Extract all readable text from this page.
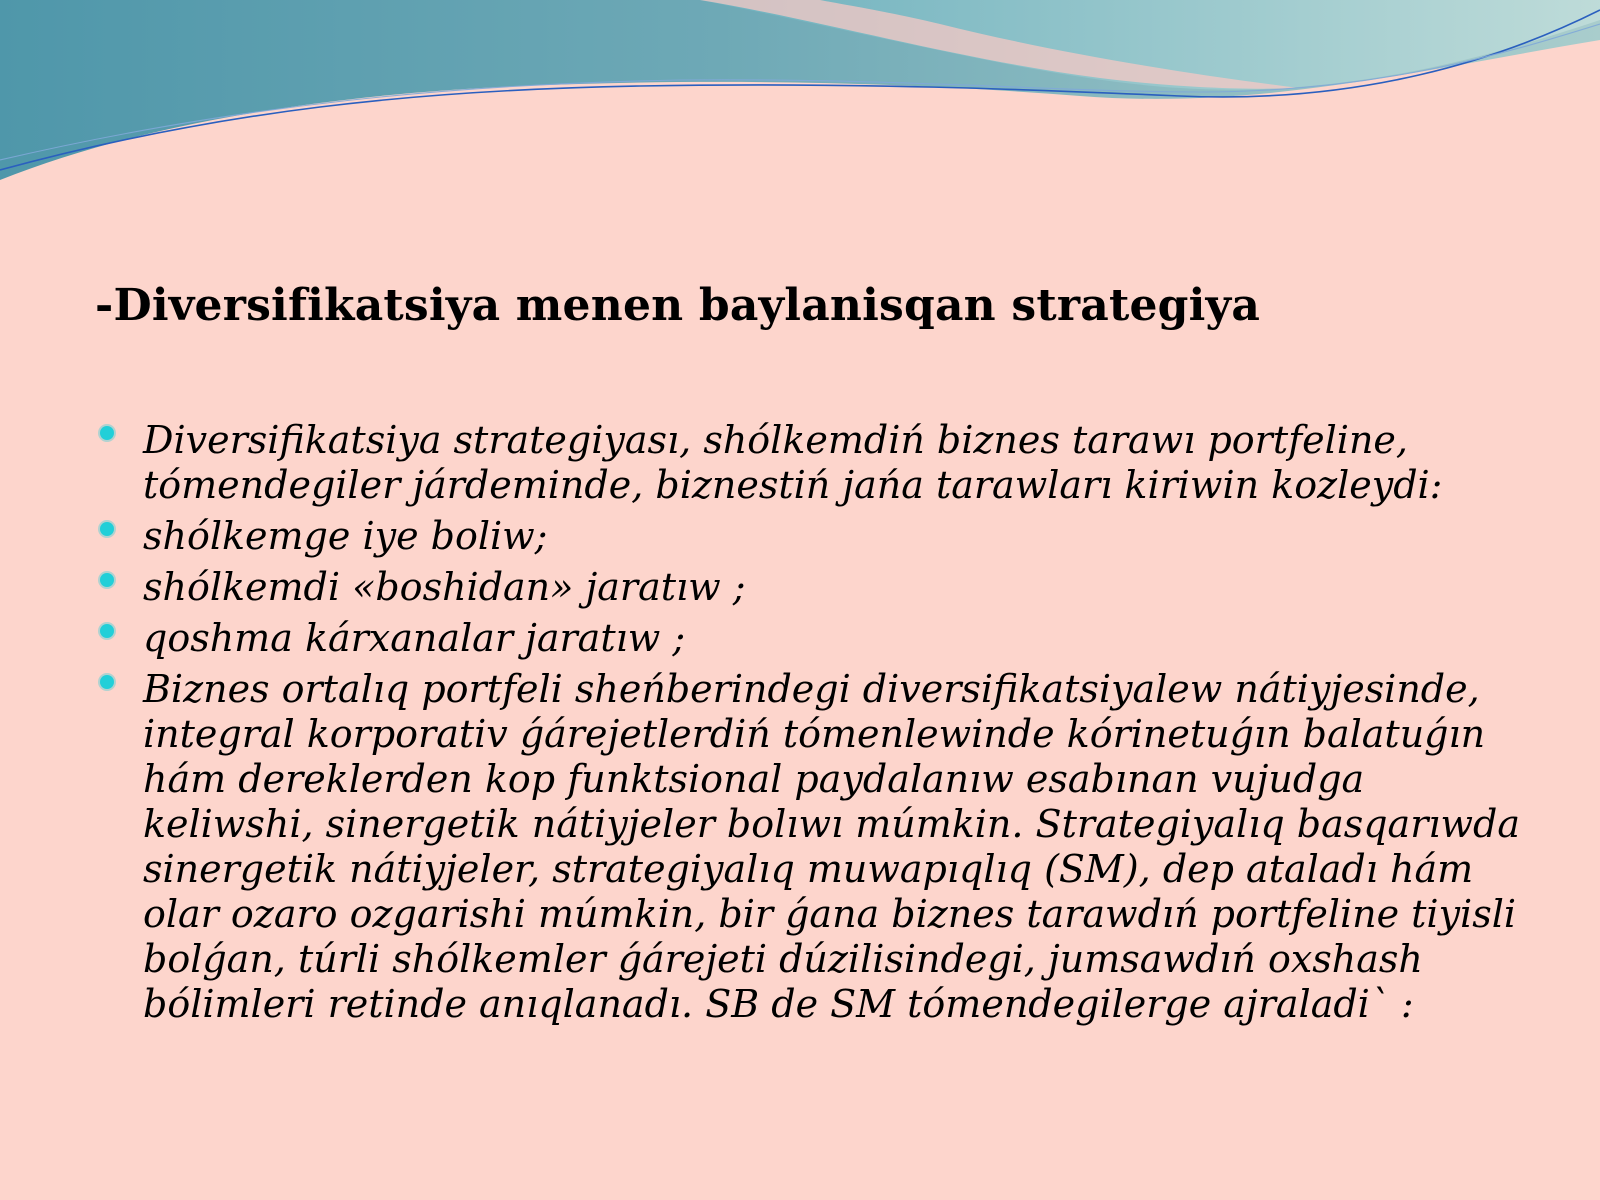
-Diversifikatsiya menen baylanisqan strategiya
Diversifikatsiya strategiyası, shólkemdiń biznes tarawı portfeline, tómendegiler járdeminde, biznestiń jańa tarawları kiriwin kozleydi:
shólkemge iye boliw;
shólkemdi «boshidan» jaratıw ;
qoshma kárxanalar jaratıw ;
Biznes ortalıq portfeli sheńberindegi diversifikatsiyalew nátiyjesinde, integral korporativ ǵárejetlerdiń tómenlewinde kórinetuǵın balatuǵın hám dereklerden kop funktsional paydalanıw esabınan vujudga keliwshi, sinergetik nátiyjeler bolıwı múmkin. Strategiyalıq basqarıwda sinergetik nátiyjeler, strategiyalıq muwapıqlıq (SM), dep ataladı hám olar ozaro ozgarishi múmkin, bir ǵana biznes tarawdıń portfeline tiyisli bolǵan, túrli shólkemler ǵárejeti dúzilisindegi, jumsawdıń oxshash bólimleri retinde anıqlanadı. SB de SM tómendegilerge ajraladi` :
